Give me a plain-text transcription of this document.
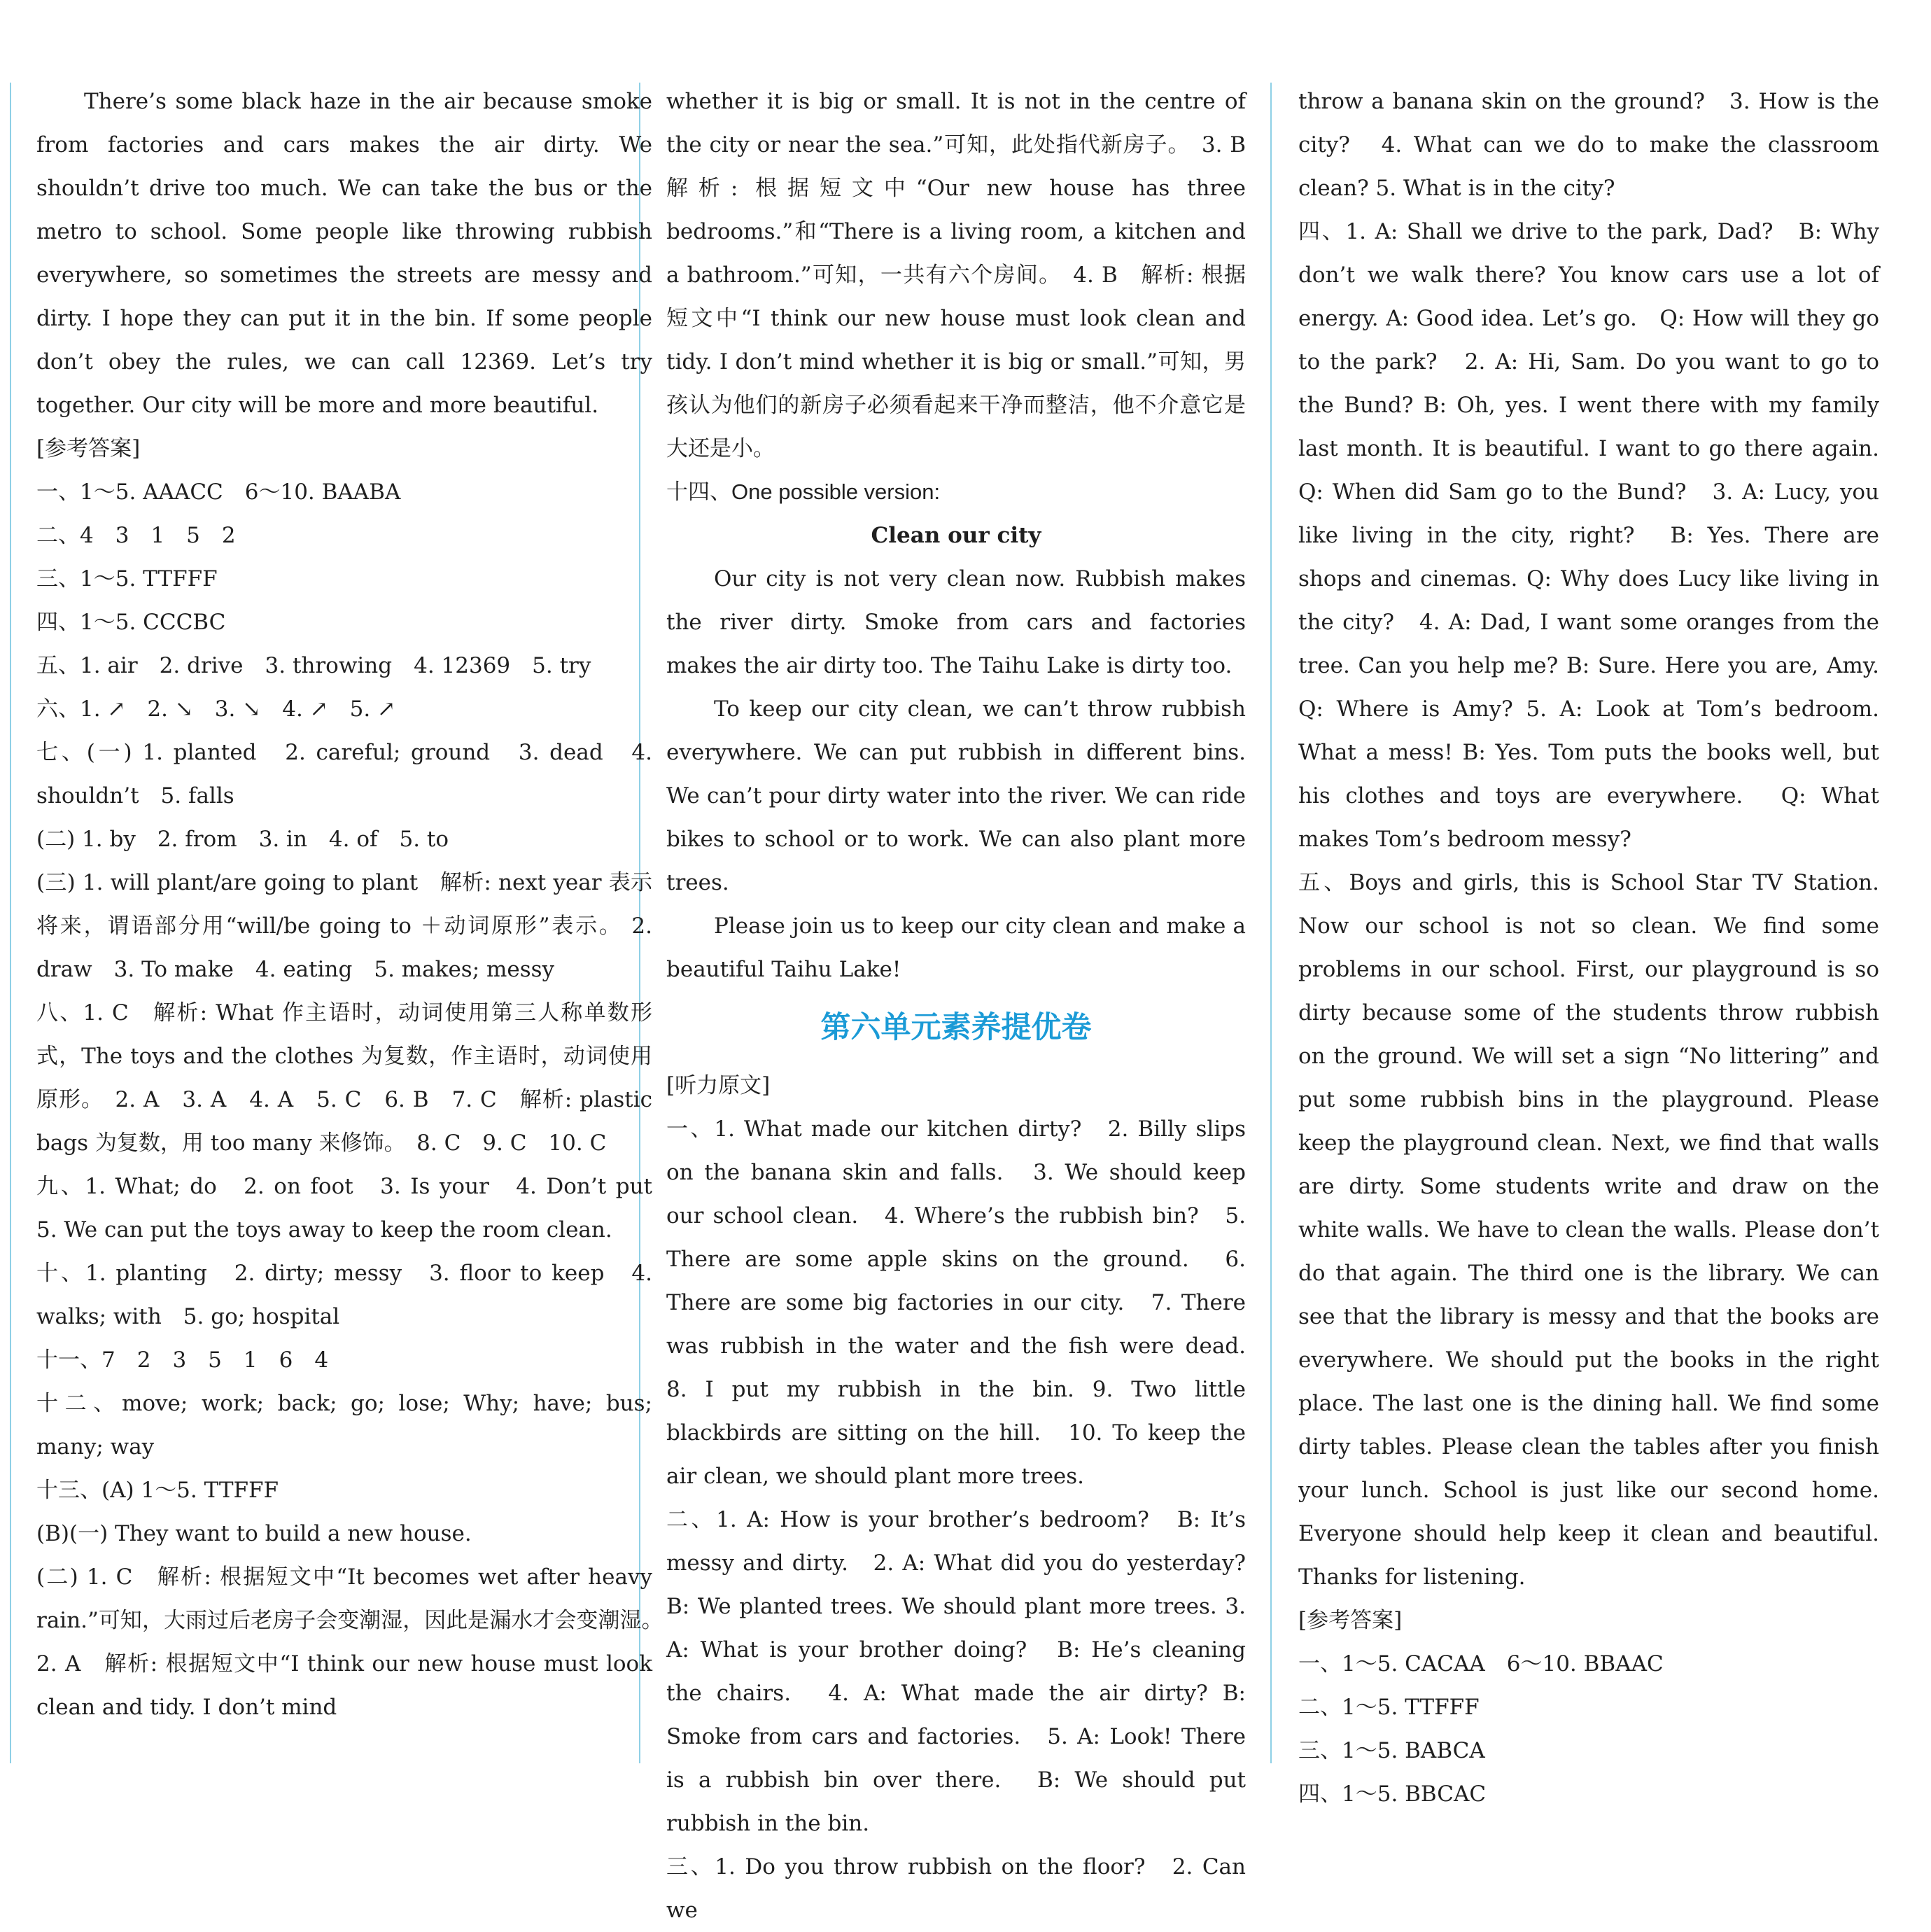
There’s some black haze in the air because smoke from factories and cars makes the air dirty. We shouldn’t drive too much. We can take the bus or the metro to school. Some people like throwing rubbish everywhere, so sometimes the streets are messy and dirty. I hope they can put it in the bin. If some people don’t obey the rules, we can call 12369. Let’s try together. Our city will be more and more beautiful.

[参考答案]

一、1～5. AAACC　6～10. BAABA

二、4　3　1　5　2

三、1～5. TTFFF

四、1～5. CCCBC

五、1. air　2. drive　3. throwing　4. 12369　5. try

六、1. ↗　2. ↘　3. ↘　4. ↗　5. ↗

七、(一) 1. planted　2. careful; ground　3. dead　4. shouldn’t　5. falls

(二) 1. by　2. from　3. in　4. of　5. to

(三) 1. will plant/are going to plant　解析: next year 表示将来，谓语部分用“will/be going to ＋动词原形”表示。 2. draw　3. To make　4. eating　5. makes; messy

八、1. C　解析: What 作主语时，动词使用第三人称单数形式，The toys and the clothes 为复数，作主语时，动词使用原形。　2. A　3. A　4. A　5. C　6. B　7. C　解析: plastic bags 为复数，用 too many 来修饰。　8. C　9. C　10. C

九、1. What; do　2. on foot　3. Is your　4. Don’t put　5. We can put the toys away to keep the room clean.

十、1. planting　2. dirty; messy　3. floor to keep　4. walks; with　5. go; hospital

十一、7　2　3　5　1　6　4

十二、move; work; back; go; lose; Why; have; bus; many; way

十三、(A) 1～5. TTFFF

(B)(一) They want to build a new house.

(二) 1. C　解析: 根据短文中“It becomes wet after heavy rain.”可知，大雨过后老房子会变潮湿，因此是漏水才会变潮湿。　2. A　解析: 根据短文中“I think our new house must look clean and tidy. I don’t mind

whether it is big or small. It is not in the centre of the city or near the sea.”可知，此处指代新房子。　3. B 解析: 根据短文中“Our new house has three bedrooms.”和“There is a living room, a kitchen and a bathroom.”可知，一共有六个房间。　4. B　解析: 根据短文中“I think our new house must look clean and tidy. I don’t mind whether it is big or small.”可知，男孩认为他们的新房子必须看起来干净而整洁，他不介意它是大还是小。

十四、One possible version:

Clean our city

Our city is not very clean now. Rubbish makes the river dirty. Smoke from cars and factories makes the air dirty too. The Taihu Lake is dirty too.

To keep our city clean, we can’t throw rubbish everywhere. We can put rubbish in different bins. We can’t pour dirty water into the river. We can ride bikes to school or to work. We can also plant more trees.

Please join us to keep our city clean and make a beautiful Taihu Lake!

第六单元素养提优卷

[听力原文]

一、1. What made our kitchen dirty?　2. Billy slips on the banana skin and falls.　3. We should keep our school clean.　4. Where’s the rubbish bin?　5. There are some apple skins on the ground.　6. There are some big factories in our city.　7. There was rubbish in the water and the fish were dead.　8. I put my rubbish in the bin. 9. Two little blackbirds are sitting on the hill.　10. To keep the air clean, we should plant more trees.

二、1. A: How is your brother’s bedroom?　B: It’s messy and dirty.　2. A: What did you do yesterday? B: We planted trees. We should plant more trees. 3. A: What is your brother doing?　B: He’s cleaning the chairs.　4. A: What made the air dirty? B: Smoke from cars and factories.　5. A: Look! There is a rubbish bin over there.　B: We should put rubbish in the bin.

三、1. Do you throw rubbish on the floor?　2. Can we

throw a banana skin on the ground?　3. How is the city?　4. What can we do to make the classroom clean? 5. What is in the city?

四、1. A: Shall we drive to the park, Dad?　B: Why don’t we walk there? You know cars use a lot of energy. A: Good idea. Let’s go.　Q: How will they go to the park?　2. A: Hi, Sam. Do you want to go to the Bund? B: Oh, yes. I went there with my family last month. It is beautiful. I want to go there again.　Q: When did Sam go to the Bund?　3. A: Lucy, you like living in the city, right?　B: Yes. There are shops and cinemas. Q: Why does Lucy like living in the city?　4. A: Dad, I want some oranges from the tree. Can you help me? B: Sure. Here you are, Amy.　Q: Where is Amy? 5. A: Look at Tom’s bedroom. What a mess! B: Yes. Tom puts the books well, but his clothes and toys are everywhere.　Q: What makes Tom’s bedroom messy?

五、Boys and girls, this is School Star TV Station. Now our school is not so clean. We find some problems in our school. First, our playground is so dirty because some of the students throw rubbish on the ground. We will set a sign “No littering” and put some rubbish bins in the playground. Please keep the playground clean. Next, we find that walls are dirty. Some students write and draw on the white walls. We have to clean the walls. Please don’t do that again. The third one is the library. We can see that the library is messy and that the books are everywhere. We should put the books in the right place. The last one is the dining hall. We find some dirty tables. Please clean the tables after you finish your lunch. School is just like our second home. Everyone should help keep it clean and beautiful. Thanks for listening.

[参考答案]

一、1～5. CACAA　6～10. BBAAC

二、1～5. TTFFF

三、1～5. BABCA

四、1～5. BBCAC
